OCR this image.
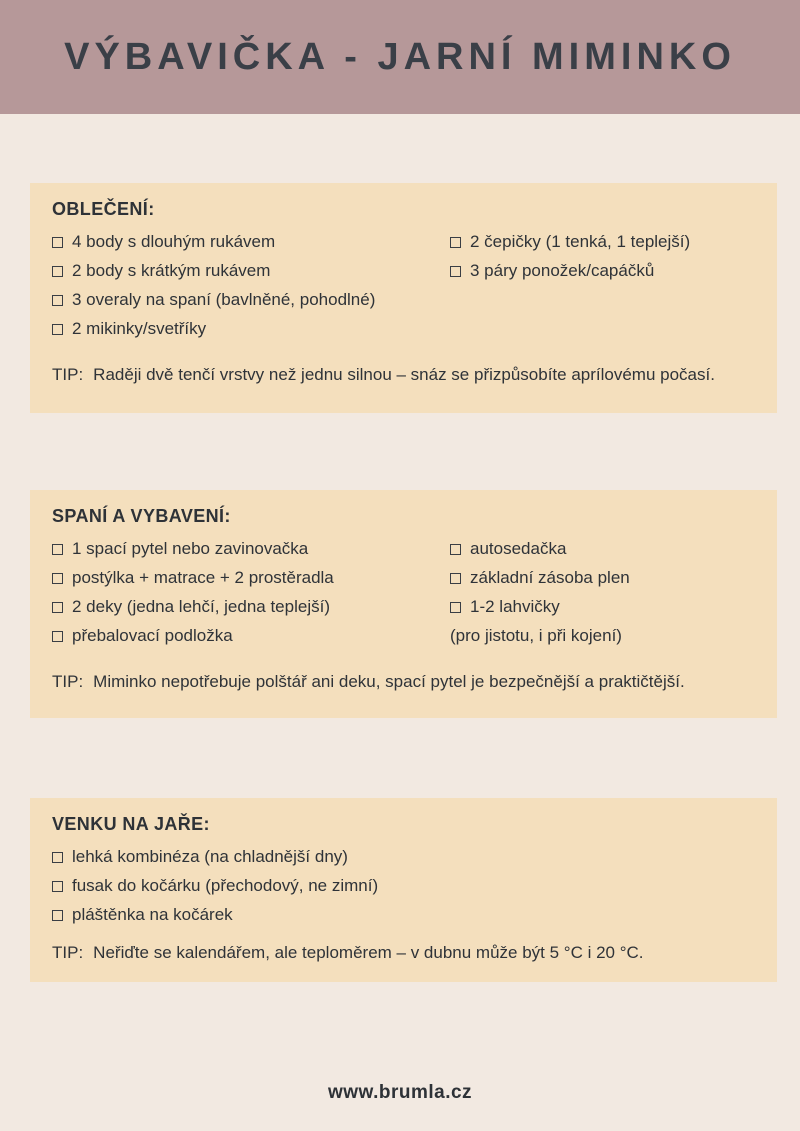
VÝBAVIČKA - JARNÍ MIMINKO
OBLEČENÍ:
4 body s dlouhým rukávem
2 body s krátkým rukávem
3 overaly na spaní (bavlněné, pohodlné)
2 mikinky/svetříky
2 čepičky (1 tenká, 1 teplejší)
3 páry ponožek/capáčků

TIP: Raději dvě tenčí vrstvy než jednu silnou – snáz se přizpůsobíte aprílovému počasí.

SPANÍ A VYBAVENÍ:
1 spací pytel nebo zavinovačka
postýlka + matrace + 2 prostěradla
2 deky (jedna lehčí, jedna teplejší)
přebalovací podložka
autosedačka
základní zásoba plen
1-2 lahvičky
(pro jistotu, i při kojení)

TIP: Miminko nepotřebuje polštář ani deku, spací pytel je bezpečnější a praktičtější.

VENKU NA JAŘE:
lehká kombinéza (na chladnější dny)
fusak do kočárku (přechodový, ne zimní)
pláštěnka na kočárek

TIP: Neřiďte se kalendářem, ale teploměrem – v dubnu může být 5 °C i 20 °C.

www.brumla.cz
